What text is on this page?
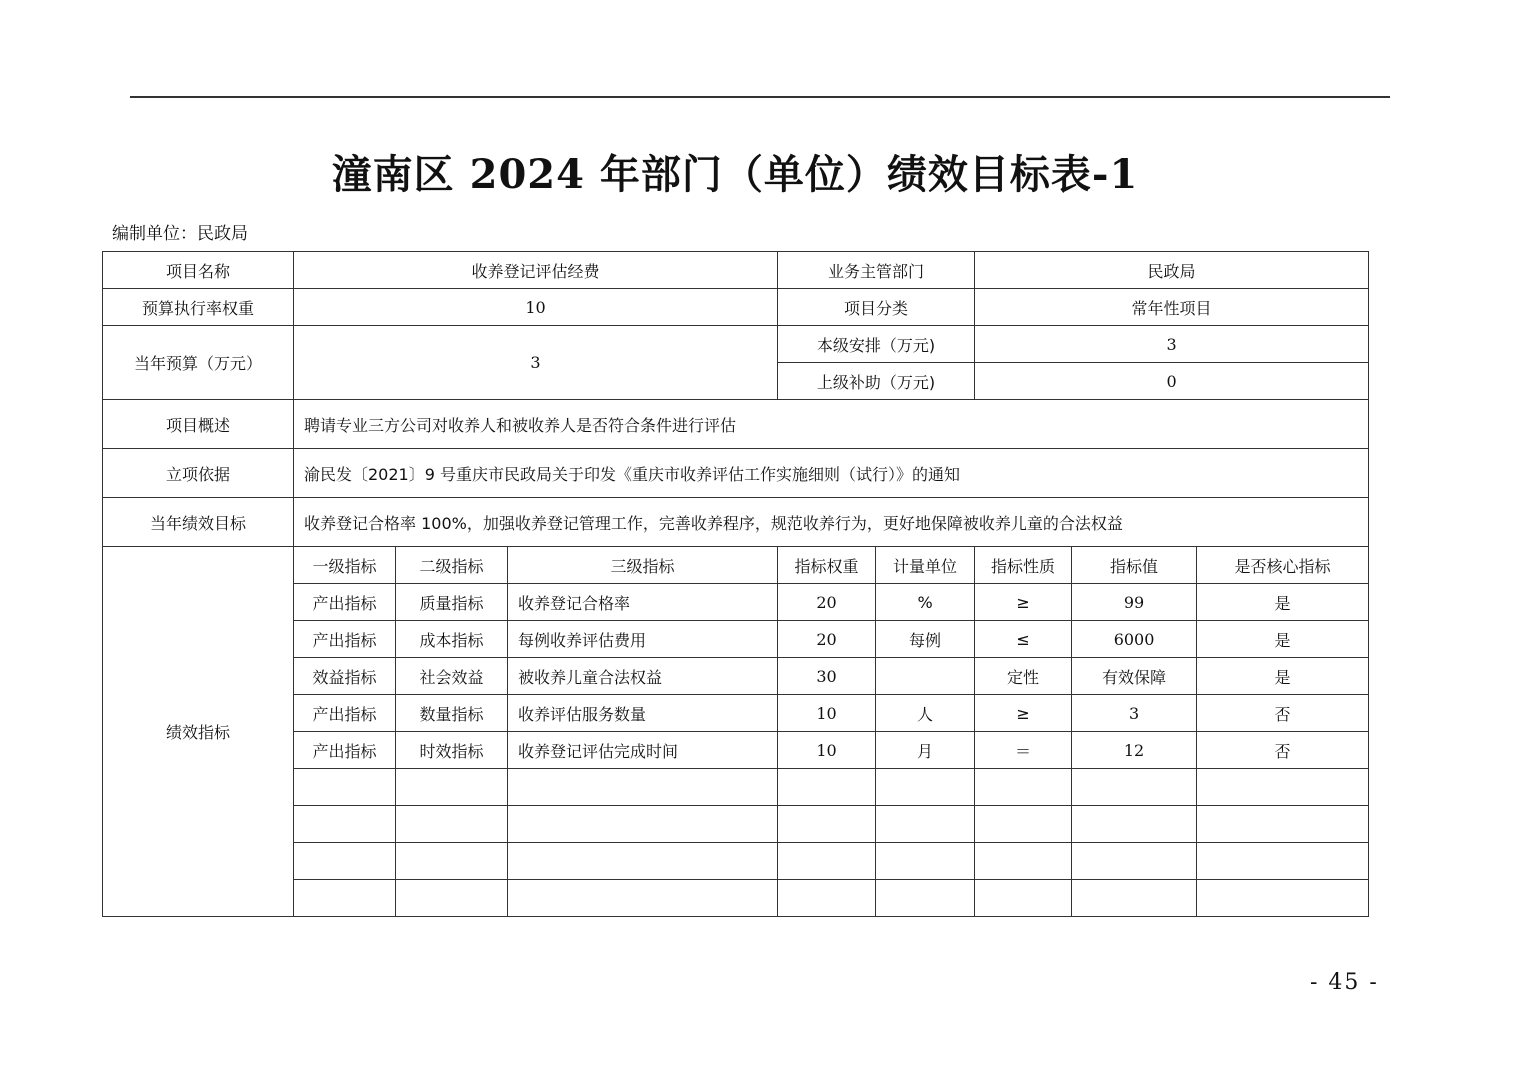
潼南区 2024 年部门（单位）绩效目标表-1
编制单位：民政局
项目名称	收养登记评估经费			业务主管部门		民政局		
预算执行率权重	10			项目分类		常年性项目		
当年预算（万元）	3			本级安排（万元)		3		
				上级补助（万元)		0		
项目概述	聘请专业三方公司对收养人和被收养人是否符合条件进行评估							
立项依据	渝民发〔2021〕9 号重庆市民政局关于印发《重庆市收养评估工作实施细则（试行）》的通知							
当年绩效目标	收养登记合格率 100%，加强收养登记管理工作，完善收养程序，规范收养行为，更好地保障被收养儿童的合法权益							
绩效指标	一级指标	二级指标	三级指标	指标权重	计量单位	指标性质	指标值	是否核心指标
	产出指标	质量指标	收养登记合格率	20	%	≥	99	是
	产出指标	成本指标	每例收养评估费用	20	每例	≤	6000	是
	效益指标	社会效益	被收养儿童合法权益	30		定性	有效保障	是
	产出指标	数量指标	收养评估服务数量	10	人	≥	3	否
	产出指标	时效指标	收养登记评估完成时间	10	月	＝	12	否

- 45 -
